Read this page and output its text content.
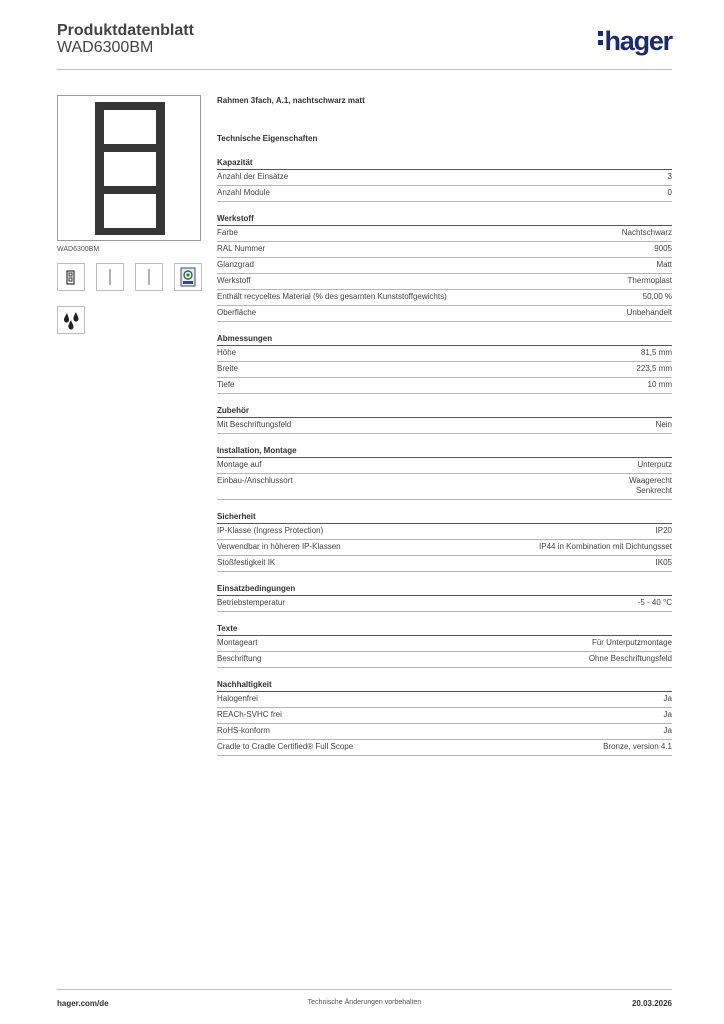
Produktdatenblatt
WAD6300BM	hager
WAD6300BM
Rahmen 3fach, A.1, nachtschwarz matt
Technische Eigenschaften
Kapazität
Anzahl der Einsätze	3
Anzahl Module	0
Werkstoff
Farbe	Nachtschwarz
RAL Nummer	9005
Glanzgrad	Matt
Werkstoff	Thermoplast
Enthält recyceltes Material (% des gesamten Kunststoffgewichts)	50,00 %
Oberfläche	Unbehandelt
Abmessungen
Höhe	81,5 mm
Breite	223,5 mm
Tiefe	10 mm
Zubehör
Mit Beschriftungsfeld	Nein
Installation, Montage
Montage auf	Unterputz
Einbau-/Anschlussort	Waagerecht
Senkrecht
Sicherheit
IP-Klasse (Ingress Protection)	IP20
Verwendbar in höheren IP-Klassen	IP44 in Kombination mit Dichtungsset
Stoßfestigkeit IK	IK05
Einsatzbedingungen
Betriebstemperatur	-5 - 40 °C
Texte
Montageart	Für Unterputzmontage
Beschriftung	Ohne Beschriftungsfeld
Nachhaltigkeit
Halogenfrei	Ja
REACh-SVHC frei	Ja
RoHS-konform	Ja
Cradle to Cradle Certified® Full Scope	Bronze, version 4.1
hager.com/de	Technische Änderungen vorbehalten	20.03.2026
